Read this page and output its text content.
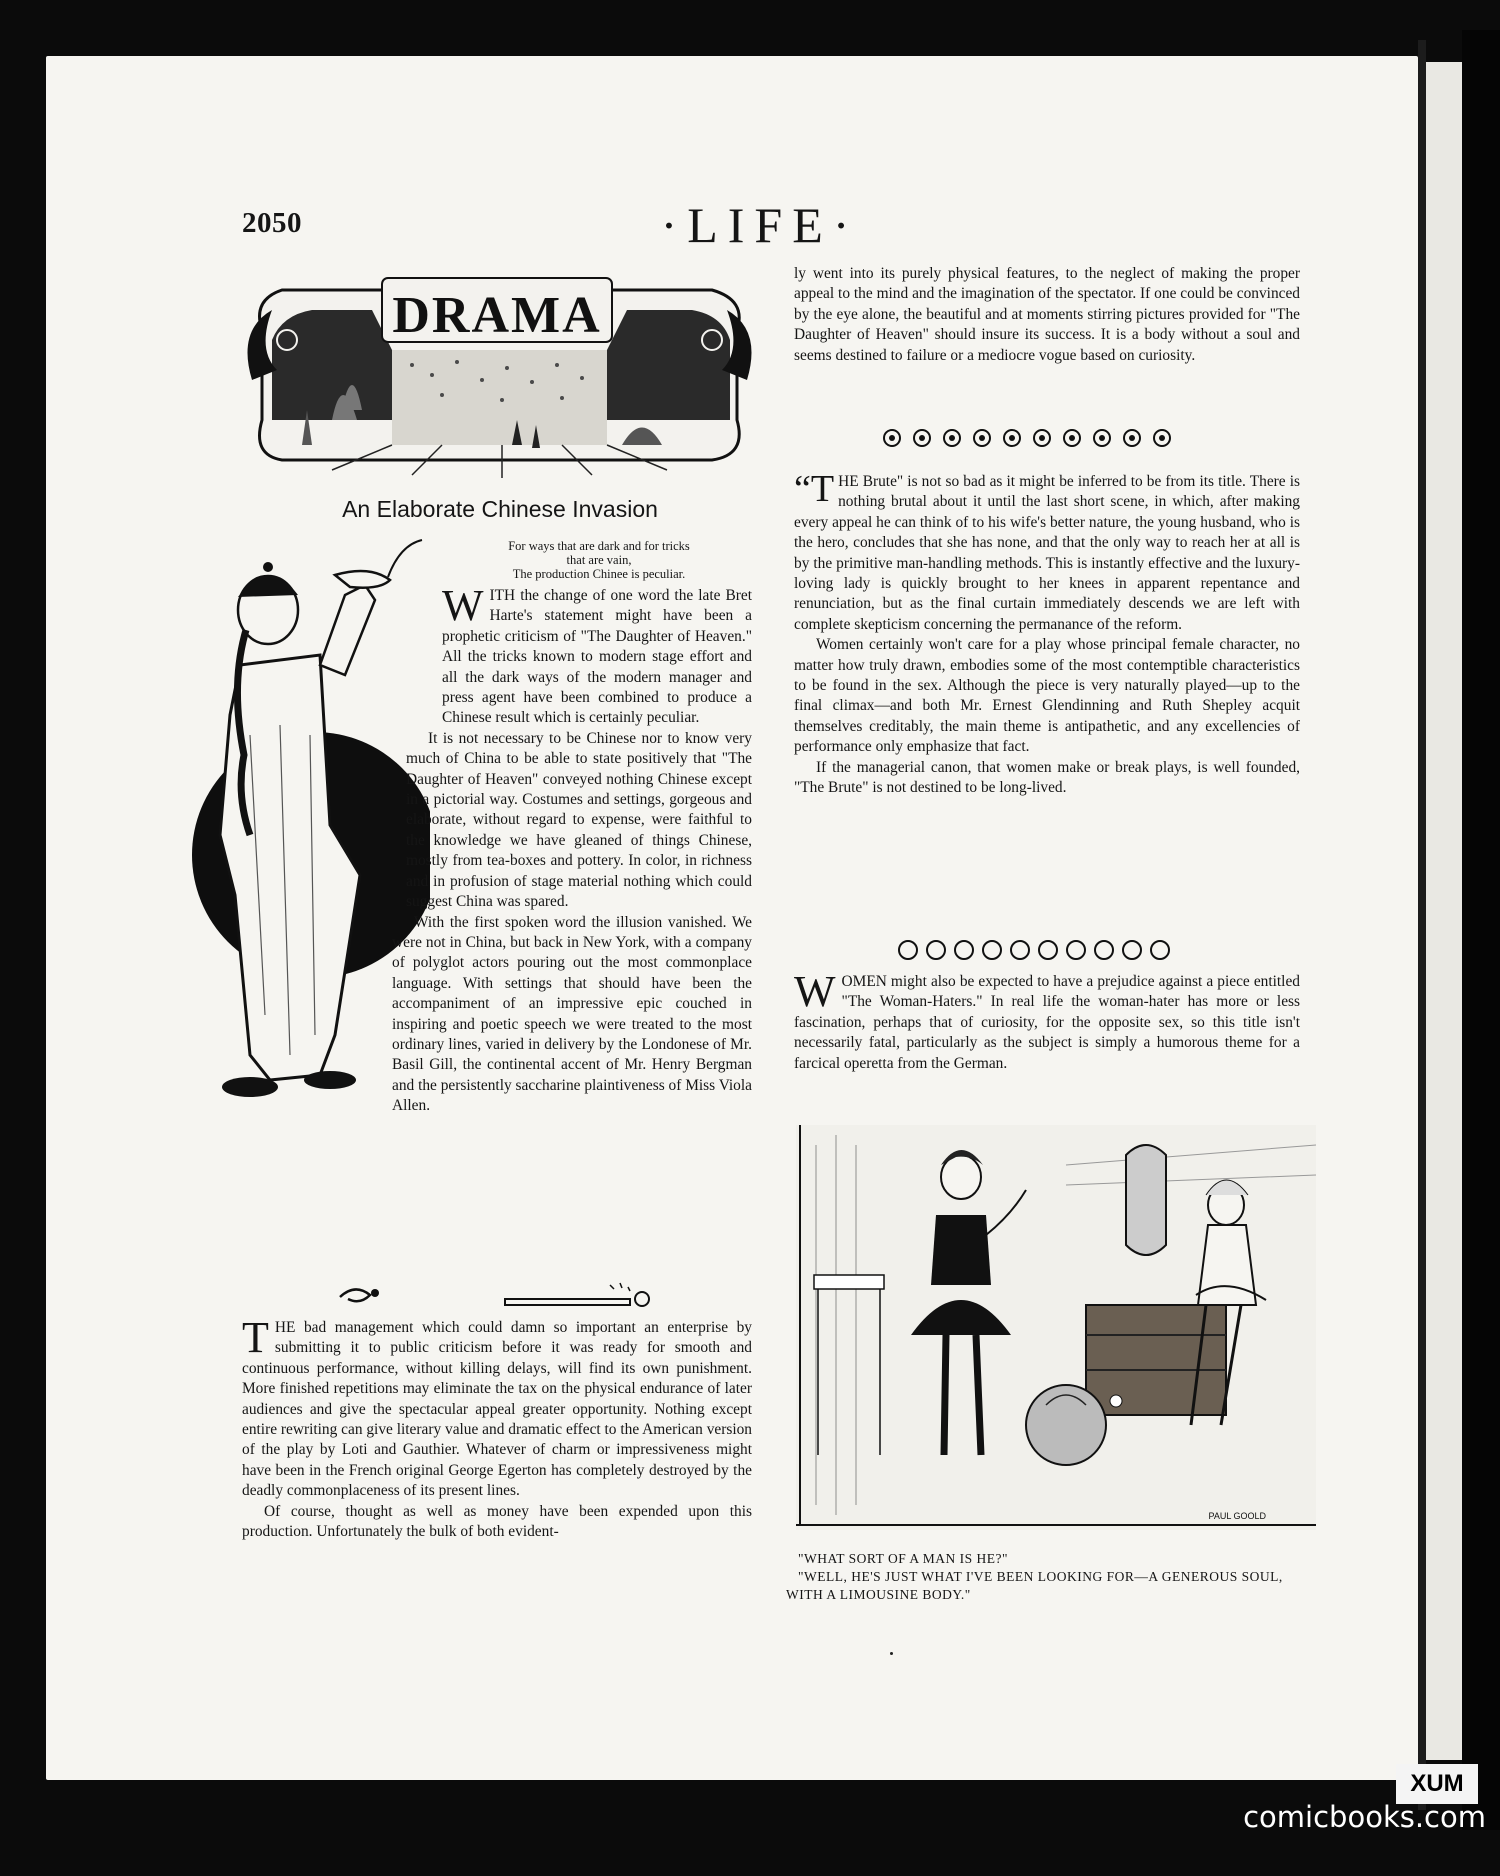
2050	·LIFE·
DRAMA
An Elaborate Chinese Invasion
For ways that are dark and for tricks
that are vain,
The production Chinee is peculiar.

WITH the change of one word the late Bret Harte's statement might have been a prophetic criticism of "The Daughter of Heaven." All the tricks known to modern stage effort and all the dark ways of the modern manager and press agent have been combined to produce a Chinese result which is certainly peculiar.

It is not necessary to be Chinese nor to know very much of China to be able to state positively that "The Daughter of Heaven" conveyed nothing Chinese except in a pictorial way. Costumes and settings, gorgeous and elaborate, without regard to expense, were faithful to the knowledge we have gleaned of things Chinese, mostly from tea-boxes and pottery. In color, in richness and in profusion of stage material nothing which could suggest China was spared.

With the first spoken word the illusion vanished. We were not in China, but back in New York, with a company of polyglot actors pouring out the most commonplace language. With settings that should have been the accompaniment of an impressive epic couched in inspiring and poetic speech we were treated to the most ordinary lines, varied in delivery by the Londonese of Mr. Basil Gill, the continental accent of Mr. Henry Bergman and the persistently saccharine plaintiveness of Miss Viola Allen.

THE bad management which could damn so important an enterprise by submitting it to public criticism before it was ready for smooth and continuous performance, without killing delays, will find its own punishment. More finished repetitions may eliminate the tax on the physical endurance of later audiences and give the spectacular appeal greater opportunity. Nothing except entire rewriting can give literary value and dramatic effect to the American version of the play by Loti and Gauthier. Whatever of charm or impressiveness might have been in the French original George Egerton has completely destroyed by the deadly commonplaceness of its present lines.

Of course, thought as well as money have been expended upon this production. Unfortunately the bulk of both evident-

ly went into its purely physical features, to the neglect of making the proper appeal to the mind and the imagination of the spectator. If one could be convinced by the eye alone, the beautiful and at moments stirring pictures provided for "The Daughter of Heaven" should insure its success. It is a body without a soul and seems destined to failure or a mediocre vogue based on curiosity.

“THE Brute" is not so bad as it might be inferred to be from its title. There is nothing brutal about it until the last short scene, in which, after making every appeal he can think of to his wife's better nature, the young husband, who is the hero, concludes that she has none, and that the only way to reach her at all is by the primitive man-handling methods. This is instantly effective and the luxury-loving lady is quickly brought to her knees in apparent repentance and renunciation, but as the final curtain immediately descends we are left with complete skepticism concerning the permanance of the reform.

Women certainly won't care for a play whose principal female character, no matter how truly drawn, embodies some of the most contemptible characteristics to be found in the sex. Although the piece is very naturally played—up to the final climax—and both Mr. Ernest Glendinning and Ruth Shepley acquit themselves creditably, the main theme is antipathetic, and any excellencies of performance only emphasize that fact.

If the managerial canon, that women make or break plays, is well founded, "The Brute" is not destined to be long-lived.

WOMEN might also be expected to have a prejudice against a piece entitled "The Woman-Haters." In real life the woman-hater has more or less fascination, perhaps that of curiosity, for the opposite sex, so this title isn't necessarily fatal, particularly as the subject is simply a humorous theme for a farcical operetta from the German.

PAUL GOOLD

"WHAT SORT OF A MAN IS HE?"

"WELL, HE'S JUST WHAT I'VE BEEN LOOKING FOR—A GENEROUS SOUL, WITH A LIMOUSINE BODY."

XUM
comicbooks.com
